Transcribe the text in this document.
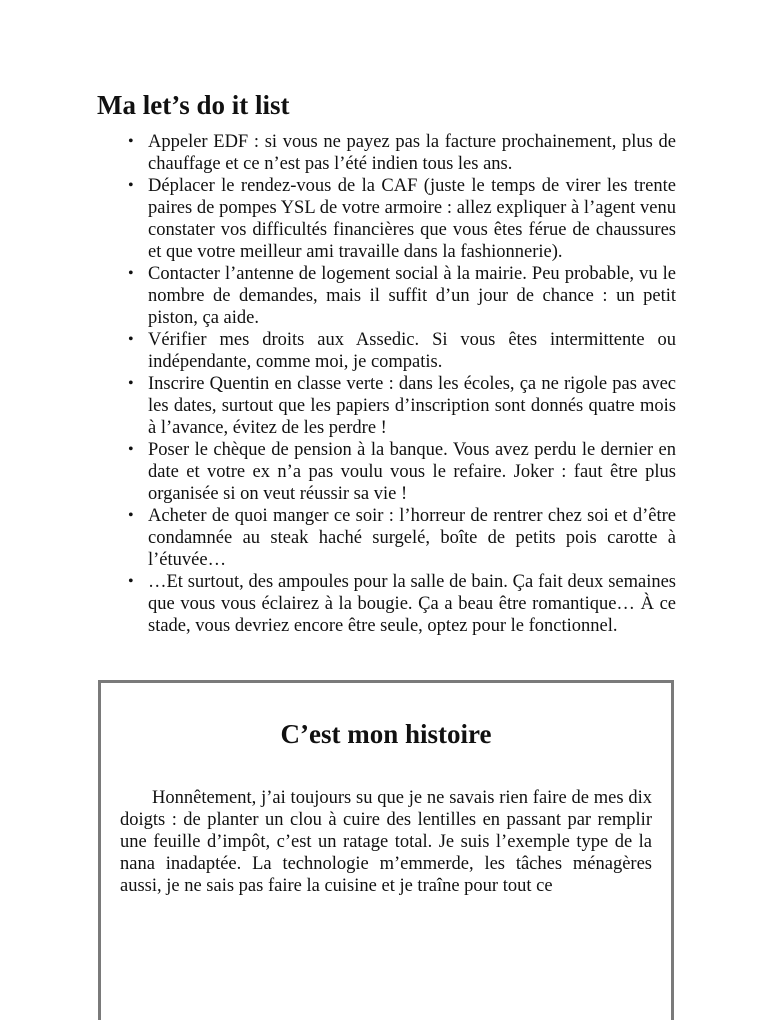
Ma let’s do it list
• Appeler EDF : si vous ne payez pas la facture prochainement, plus de chauffage et ce n’est pas l’été indien tous les ans.
• Déplacer le rendez-vous de la CAF (juste le temps de virer les trente paires de pompes YSL de votre armoire : allez expliquer à l’agent venu constater vos difficultés financières que vous êtes férue de chaussures et que votre meilleur ami travaille dans la fashionnerie).
• Contacter l’antenne de logement social à la mairie. Peu probable, vu le nombre de demandes, mais il suffit d’un jour de chance : un petit piston, ça aide.
• Vérifier mes droits aux Assedic. Si vous êtes intermittente ou indépendante, comme moi, je compatis.
• Inscrire Quentin en classe verte : dans les écoles, ça ne rigole pas avec les dates, surtout que les papiers d’inscription sont donnés quatre mois à l’avance, évitez de les perdre !
• Poser le chèque de pension à la banque. Vous avez perdu le dernier en date et votre ex n’a pas voulu vous le refaire. Joker : faut être plus organisée si on veut réussir sa vie !
• Acheter de quoi manger ce soir : l’horreur de rentrer chez soi et d’être condamnée au steak haché surgelé, boîte de petits pois carotte à l’étuvée…
• …Et surtout, des ampoules pour la salle de bain. Ça fait deux semaines que vous vous éclairez à la bougie. Ça a beau être romantique… À ce stade, vous devriez encore être seule, optez pour le fonctionnel.
C’est mon histoire

Honnêtement, j’ai toujours su que je ne savais rien faire de mes dix doigts : de planter un clou à cuire des lentilles en passant par remplir une feuille d’impôt, c’est un ratage total. Je suis l’exemple type de la nana inadaptée. La technologie m’emmerde, les tâches ménagères aussi, je ne sais pas faire la cuisine et je traîne pour tout ce
